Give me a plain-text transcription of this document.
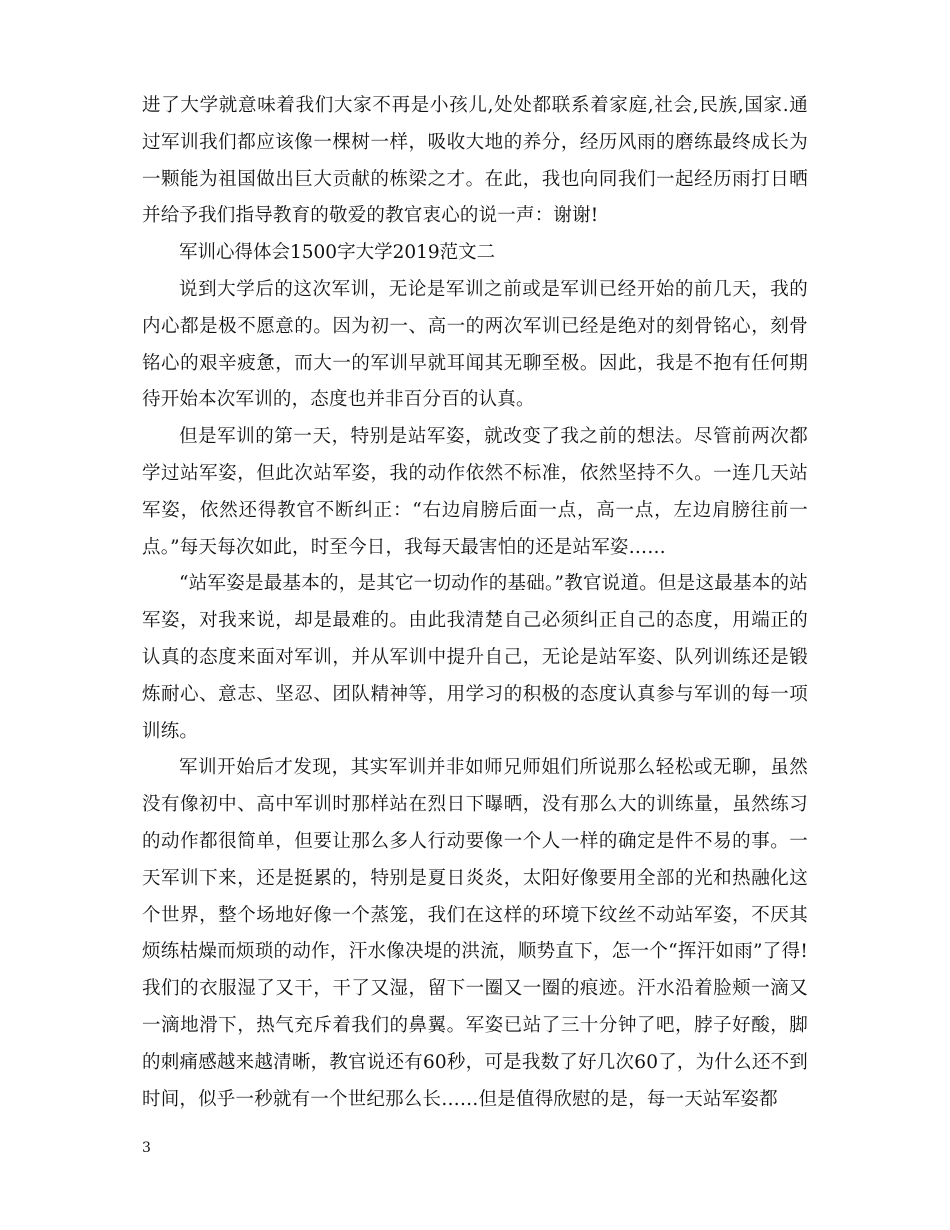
进了大学就意味着我们大家不再是小孩儿,处处都联系着家庭,社会,民族,国家.通过军训我们都应该像一棵树一样，吸收大地的养分，经历风雨的磨练最终成长为一颗能为祖国做出巨大贡献的栋梁之才。在此，我也向同我们一起经历雨打日晒并给予我们指导教育的敬爱的教官衷心的说一声：谢谢!

军训心得体会1500字大学2019范文二

说到大学后的这次军训，无论是军训之前或是军训已经开始的前几天，我的内心都是极不愿意的。因为初一、高一的两次军训已经是绝对的刻骨铭心，刻骨铭心的艰辛疲惫，而大一的军训早就耳闻其无聊至极。因此，我是不抱有任何期待开始本次军训的，态度也并非百分百的认真。

但是军训的第一天，特别是站军姿，就改变了我之前的想法。尽管前两次都学过站军姿，但此次站军姿，我的动作依然不标准，依然坚持不久。一连几天站军姿，依然还得教官不断纠正：“右边肩膀后面一点，高一点，左边肩膀往前一点。”每天每次如此，时至今日，我每天最害怕的还是站军姿……

“站军姿是最基本的，是其它一切动作的基础。”教官说道。但是这最基本的站军姿，对我来说，却是最难的。由此我清楚自己必须纠正自己的态度，用端正的认真的态度来面对军训，并从军训中提升自己，无论是站军姿、队列训练还是锻炼耐心、意志、坚忍、团队精神等，用学习的积极的态度认真参与军训的每一项训练。

军训开始后才发现，其实军训并非如师兄师姐们所说那么轻松或无聊，虽然没有像初中、高中军训时那样站在烈日下曝晒，没有那么大的训练量，虽然练习的动作都很简单，但要让那么多人行动要像一个人一样的确定是件不易的事。一天军训下来，还是挺累的，特别是夏日炎炎，太阳好像要用全部的光和热融化这个世界，整个场地好像一个蒸笼，我们在这样的环境下纹丝不动站军姿，不厌其烦练枯燥而烦琐的动作，汗水像决堤的洪流，顺势直下，怎一个“挥汗如雨”了得!我们的衣服湿了又干，干了又湿，留下一圈又一圈的痕迹。汗水沿着脸颊一滴又一滴地滑下，热气充斥着我们的鼻翼。军姿已站了三十分钟了吧，脖子好酸，脚的刺痛感越来越清晰，教官说还有60秒，可是我数了好几次60了，为什么还不到时间，似乎一秒就有一个世纪那么长……但是值得欣慰的是，每一天站军姿都

3
